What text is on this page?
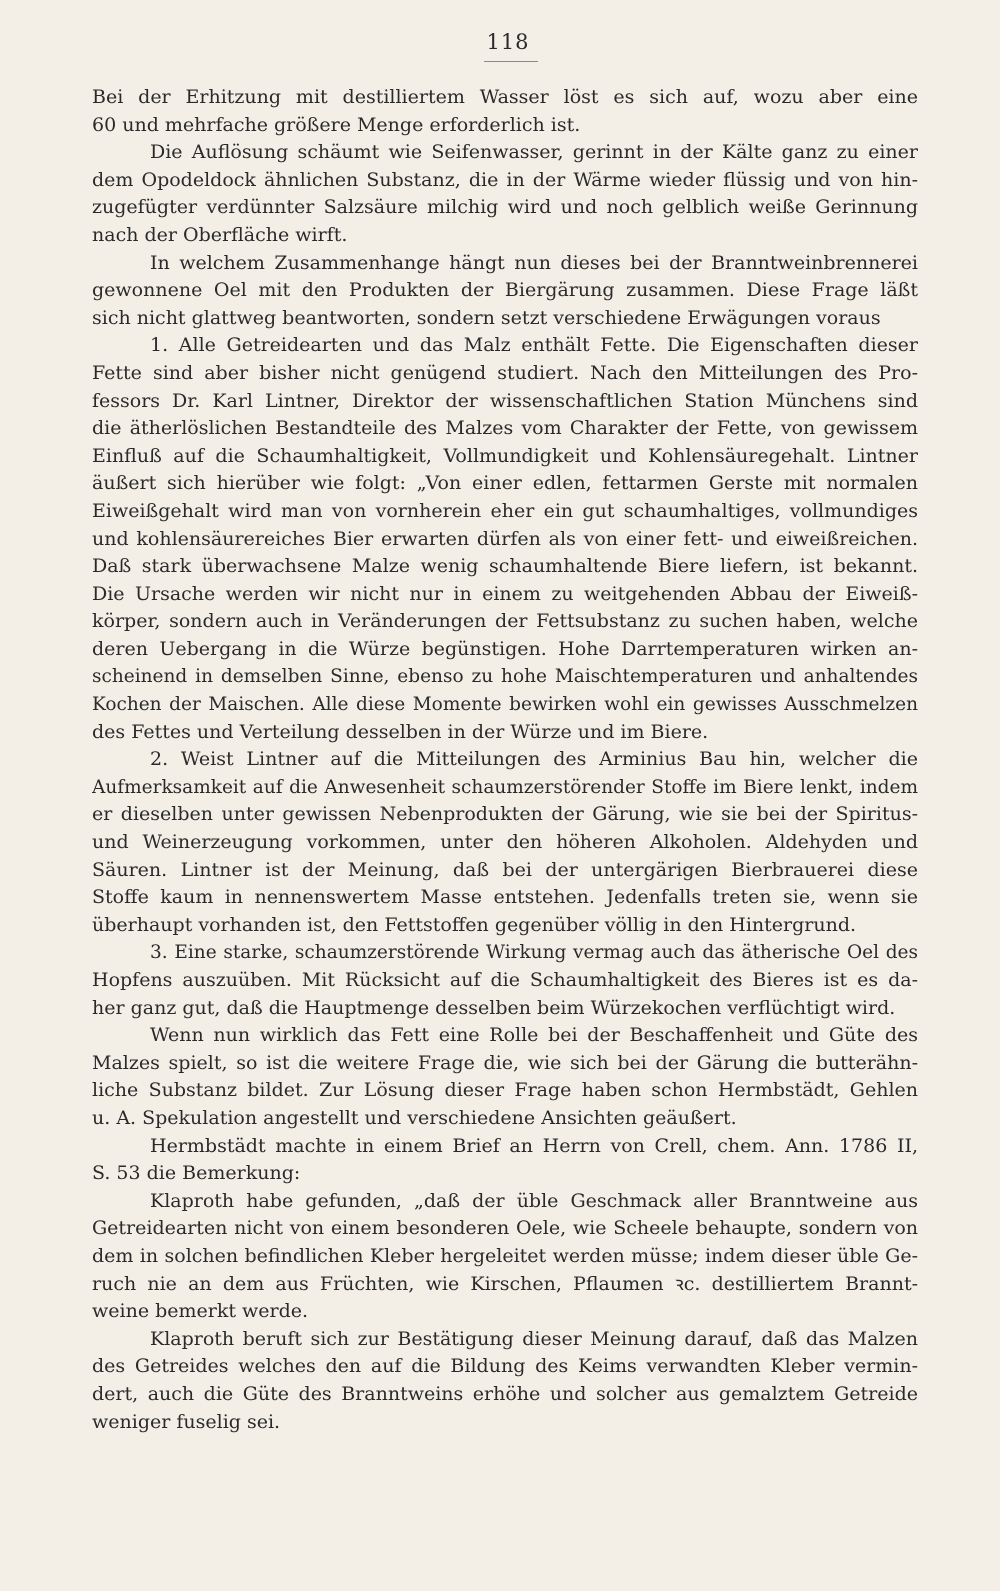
118
Bei der Erhitzung mit destilliertem Wasser löst es sich auf, wozu aber eine
60 und mehrfache größere Menge erforderlich ist.
Die Auflösung schäumt wie Seifenwasser, gerinnt in der Kälte ganz zu einer
dem Opodeldock ähnlichen Substanz, die in der Wärme wieder flüssig und von hin-
zugefügter verdünnter Salzsäure milchig wird und noch gelblich weiße Gerinnung
nach der Oberfläche wirft.
In welchem Zusammenhange hängt nun dieses bei der Branntweinbrennerei
gewonnene Oel mit den Produkten der Biergärung zusammen. Diese Frage läßt
sich nicht glattweg beantworten, sondern setzt verschiedene Erwägungen voraus
1. Alle Getreidearten und das Malz enthält Fette. Die Eigenschaften dieser
Fette sind aber bisher nicht genügend studiert. Nach den Mitteilungen des Pro-
fessors Dr. Karl Lintner, Direktor der wissenschaftlichen Station Münchens sind
die ätherlöslichen Bestandteile des Malzes vom Charakter der Fette, von gewissem
Einfluß auf die Schaumhaltigkeit, Vollmundigkeit und Kohlensäuregehalt. Lintner
äußert sich hierüber wie folgt: „Von einer edlen, fettarmen Gerste mit normalen
Eiweißgehalt wird man von vornherein eher ein gut schaumhaltiges, vollmundiges
und kohlensäurereiches Bier erwarten dürfen als von einer fett- und eiweißreichen.
Daß stark überwachsene Malze wenig schaumhaltende Biere liefern, ist bekannt.
Die Ursache werden wir nicht nur in einem zu weitgehenden Abbau der Eiweiß-
körper, sondern auch in Veränderungen der Fettsubstanz zu suchen haben, welche
deren Uebergang in die Würze begünstigen. Hohe Darrtemperaturen wirken an-
scheinend in demselben Sinne, ebenso zu hohe Maischtemperaturen und anhaltendes
Kochen der Maischen. Alle diese Momente bewirken wohl ein gewisses Ausschmelzen
des Fettes und Verteilung desselben in der Würze und im Biere.
2. Weist Lintner auf die Mitteilungen des Arminius Bau hin, welcher die
Aufmerksamkeit auf die Anwesenheit schaumzerstörender Stoffe im Biere lenkt, indem
er dieselben unter gewissen Nebenprodukten der Gärung, wie sie bei der Spiritus-
und Weinerzeugung vorkommen, unter den höheren Alkoholen. Aldehyden und
Säuren. Lintner ist der Meinung, daß bei der untergärigen Bierbrauerei diese
Stoffe kaum in nennenswertem Masse entstehen. Jedenfalls treten sie, wenn sie
überhaupt vorhanden ist, den Fettstoffen gegenüber völlig in den Hintergrund.
3. Eine starke, schaumzerstörende Wirkung vermag auch das ätherische Oel des
Hopfens auszuüben. Mit Rücksicht auf die Schaumhaltigkeit des Bieres ist es da-
her ganz gut, daß die Hauptmenge desselben beim Würzekochen verflüchtigt wird.
Wenn nun wirklich das Fett eine Rolle bei der Beschaffenheit und Güte des
Malzes spielt, so ist die weitere Frage die, wie sich bei der Gärung die butterähn-
liche Substanz bildet. Zur Lösung dieser Frage haben schon Hermbstädt, Gehlen
u. A. Spekulation angestellt und verschiedene Ansichten geäußert.
Hermbstädt machte in einem Brief an Herrn von Crell, chem. Ann. 1786 II,
S. 53 die Bemerkung:
Klaproth habe gefunden, „daß der üble Geschmack aller Branntweine aus
Getreidearten nicht von einem besonderen Oele, wie Scheele behaupte, sondern von
dem in solchen befindlichen Kleber hergeleitet werden müsse; indem dieser üble Ge-
ruch nie an dem aus Früchten, wie Kirschen, Pflaumen ꝛc. destilliertem Brannt-
weine bemerkt werde.
Klaproth beruft sich zur Bestätigung dieser Meinung darauf, daß das Malzen
des Getreides welches den auf die Bildung des Keims verwandten Kleber vermin-
dert, auch die Güte des Branntweins erhöhe und solcher aus gemalztem Getreide
weniger fuselig sei.
